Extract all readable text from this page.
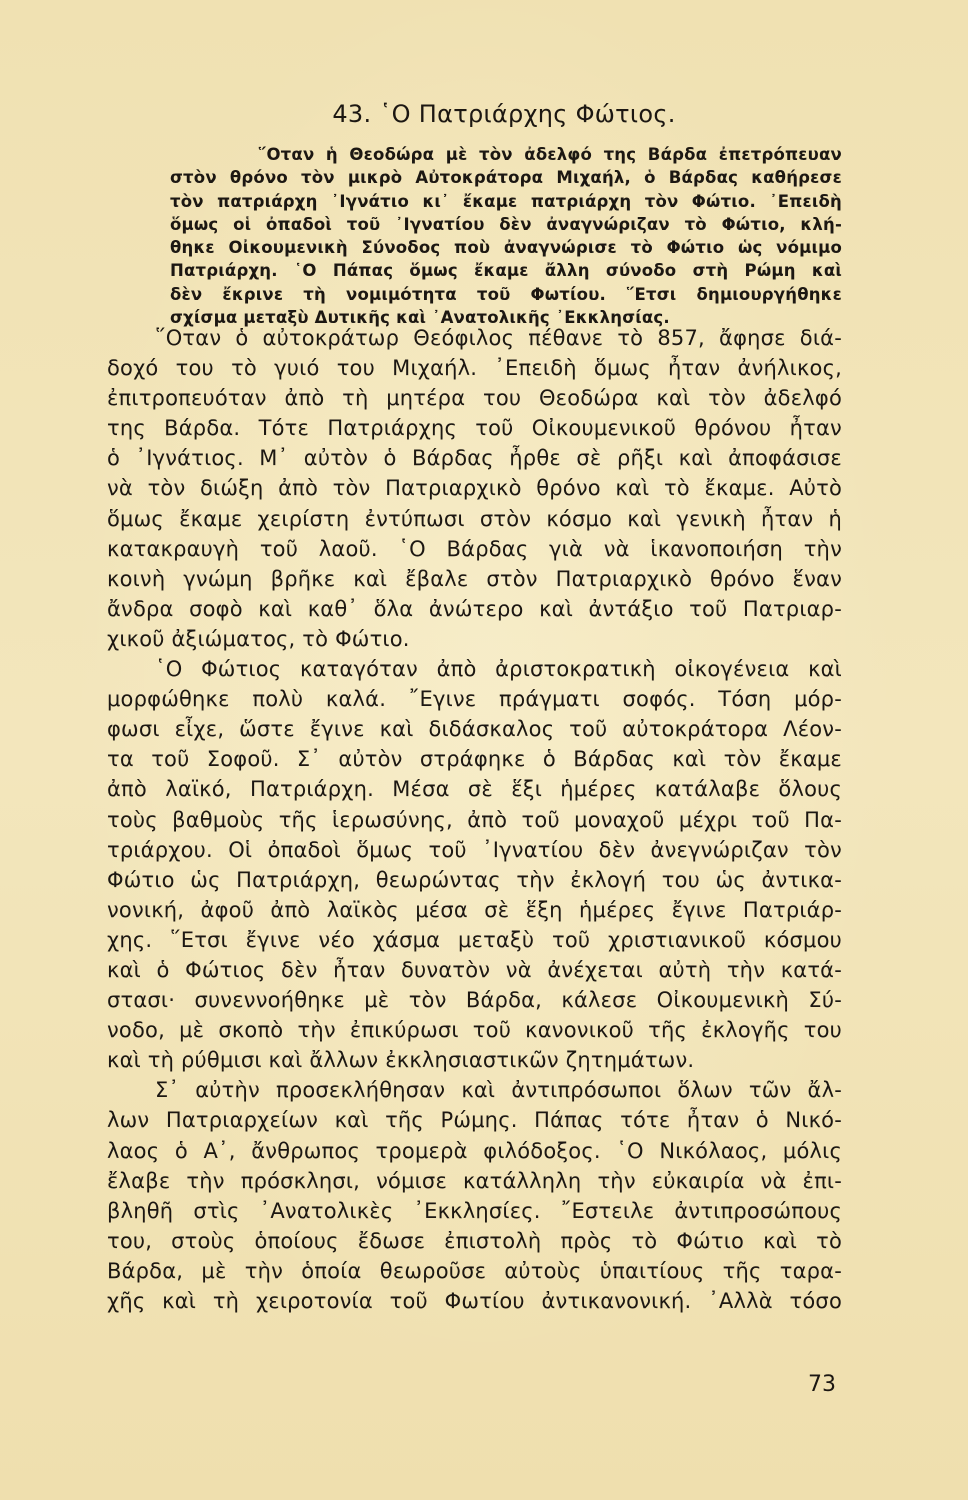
43. ῾Ο Πατριάρχης Φώτιος.
῞Οταν ἡ Θεοδώρα μὲ τὸν ἀδελφό της Βάρδα ἐπετρόπευαν
στὸν θρόνο τὸν μικρὸ Αὐτοκράτορα Μιχαήλ, ὁ Βάρδας καθήρεσε
τὸν πατριάρχη ᾽Ιγνάτιο κι᾽ ἔκαμε πατριάρχη τὸν Φώτιο. ᾽Επειδὴ
ὅμως οἱ ὀπαδοὶ τοῦ ᾽Ιγνατίου δὲν ἀναγνώριζαν τὸ Φώτιο, κλή-
θηκε Οἰκουμενικὴ Σύνοδος ποὺ ἀναγνώρισε τὸ Φώτιο ὡς νόμιμο
Πατριάρχη. ῾Ο Πάπας ὅμως ἔκαμε ἄλλη σύνοδο στὴ Ρώμη καὶ
δὲν ἔκρινε τὴ νομιμότητα τοῦ Φωτίου. ῞Ετσι δημιουργήθηκε
σχίσμα μεταξὺ Δυτικῆς καὶ ᾽Ανατολικῆς ᾽Εκκλησίας.
῞Οταν ὁ αὐτοκράτωρ Θεόφιλος πέθανε τὸ 857, ἄφησε διά-
δοχό του τὸ γυιό του Μιχαήλ. ᾽Επειδὴ ὅμως ἦταν ἀνήλικος,
ἐπιτροπευόταν ἀπὸ τὴ μητέρα του Θεοδώρα καὶ τὸν ἀδελφό
της Βάρδα. Τότε Πατριάρχης τοῦ Οἰκουμενικοῦ θρόνου ἦταν
ὁ ᾽Ιγνάτιος. Μ᾽ αὐτὸν ὁ Βάρδας ἦρθε σὲ ρῆξι καὶ ἀποφάσισε
νὰ τὸν διώξη ἀπὸ τὸν Πατριαρχικὸ θρόνο καὶ τὸ ἔκαμε. Αὐτὸ
ὅμως ἔκαμε χειρίστη ἐντύπωσι στὸν κόσμο καὶ γενικὴ ἦταν ἡ
κατακραυγὴ τοῦ λαοῦ. ῾Ο Βάρδας γιὰ νὰ ἱκανοποιήση τὴν
κοινὴ γνώμη βρῆκε καὶ ἔβαλε στὸν Πατριαρχικὸ θρόνο ἕναν
ἄνδρα σοφὸ καὶ καθ᾽ ὅλα ἀνώτερο καὶ ἀντάξιο τοῦ Πατριαρ-
χικοῦ ἀξιώματος, τὸ Φώτιο.
῾Ο Φώτιος καταγόταν ἀπὸ ἀριστοκρατικὴ οἰκογένεια καὶ
μορφώθηκε πολὺ καλά. ῎Εγινε πράγματι σοφός. Τόση μόρ-
φωσι εἶχε, ὥστε ἔγινε καὶ διδάσκαλος τοῦ αὐτοκράτορα Λέον-
τα τοῦ Σοφοῦ. Σ᾽ αὐτὸν στράφηκε ὁ Βάρδας καὶ τὸν ἔκαμε
ἀπὸ λαϊκό, Πατριάρχη. Μέσα σὲ ἕξι ἡμέρες κατάλαβε ὅλους
τοὺς βαθμοὺς τῆς ἱερωσύνης, ἀπὸ τοῦ μοναχοῦ μέχρι τοῦ Πα-
τριάρχου. Οἱ ὀπαδοὶ ὅμως τοῦ ᾽Ιγνατίου δὲν ἀνεγνώριζαν τὸν
Φώτιο ὡς Πατριάρχη, θεωρώντας τὴν ἐκλογή του ὡς ἀντικα-
νονική, ἀφοῦ ἀπὸ λαϊκὸς μέσα σὲ ἕξη ἡμέρες ἔγινε Πατριάρ-
χης. ῞Ετσι ἔγινε νέο χάσμα μεταξὺ τοῦ χριστιανικοῦ κόσμου
καὶ ὁ Φώτιος δὲν ἦταν δυνατὸν νὰ ἀνέχεται αὐτὴ τὴν κατά-
στασι· συνεννοήθηκε μὲ τὸν Βάρδα, κάλεσε Οἰκουμενικὴ Σύ-
νοδο, μὲ σκοπὸ τὴν ἐπικύρωσι τοῦ κανονικοῦ τῆς ἐκλογῆς του
καὶ τὴ ρύθμισι καὶ ἄλλων ἐκκλησιαστικῶν ζητημάτων.
Σ᾽ αὐτὴν προσεκλήθησαν καὶ ἀντιπρόσωποι ὅλων τῶν ἄλ-
λων Πατριαρχείων καὶ τῆς Ρώμης. Πάπας τότε ἦταν ὁ Νικό-
λαος ὁ Α᾽, ἄνθρωπος τρομερὰ φιλόδοξος. ῾Ο Νικόλαος, μόλις
ἔλαβε τὴν πρόσκλησι, νόμισε κατάλληλη τὴν εὐκαιρία νὰ ἐπι-
βληθῆ στὶς ᾽Ανατολικὲς ᾽Εκκλησίες. ῎Εστειλε ἀντιπροσώπους
του, στοὺς ὁποίους ἔδωσε ἐπιστολὴ πρὸς τὸ Φώτιο καὶ τὸ
Βάρδα, μὲ τὴν ὁποία θεωροῦσε αὐτοὺς ὑπαιτίους τῆς ταρα-
χῆς καὶ τὴ χειροτονία τοῦ Φωτίου ἀντικανονική. ᾽Αλλὰ τόσο
73
